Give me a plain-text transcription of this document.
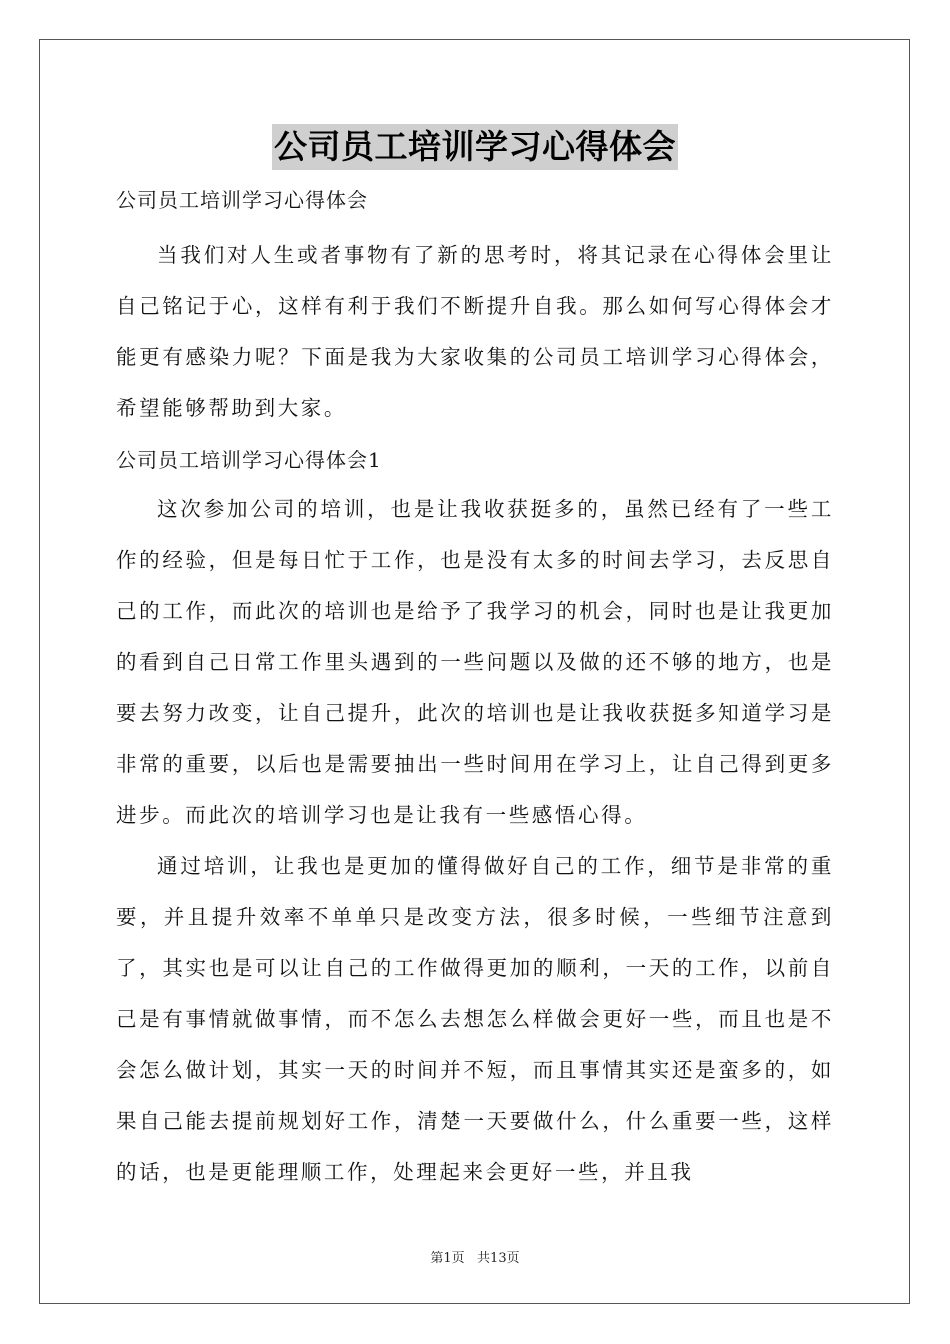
公司员工培训学习心得体会

公司员工培训学习心得体会

当我们对人生或者事物有了新的思考时，将其记录在心得体会里让自己铭记于心，这样有利于我们不断提升自我。那么如何写心得体会才能更有感染力呢？下面是我为大家收集的公司员工培训学习心得体会，希望能够帮助到大家。

公司员工培训学习心得体会1

这次参加公司的培训，也是让我收获挺多的，虽然已经有了一些工作的经验，但是每日忙于工作，也是没有太多的时间去学习，去反思自己的工作，而此次的培训也是给予了我学习的机会，同时也是让我更加的看到自己日常工作里头遇到的一些问题以及做的还不够的地方，也是要去努力改变，让自己提升，此次的培训也是让我收获挺多知道学习是非常的重要，以后也是需要抽出一些时间用在学习上，让自己得到更多进步。而此次的培训学习也是让我有一些感悟心得。

通过培训，让我也是更加的懂得做好自己的工作，细节是非常的重要，并且提升效率不单单只是改变方法，很多时候，一些细节注意到了，其实也是可以让自己的工作做得更加的顺利，一天的工作，以前自己是有事情就做事情，而不怎么去想怎么样做会更好一些，而且也是不会怎么做计划，其实一天的时间并不短，而且事情其实还是蛮多的，如果自己能去提前规划好工作，清楚一天要做什么，什么重要一些，这样的话，也是更能理顺工作，处理起来会更好一些，并且我

第1页   共13页
